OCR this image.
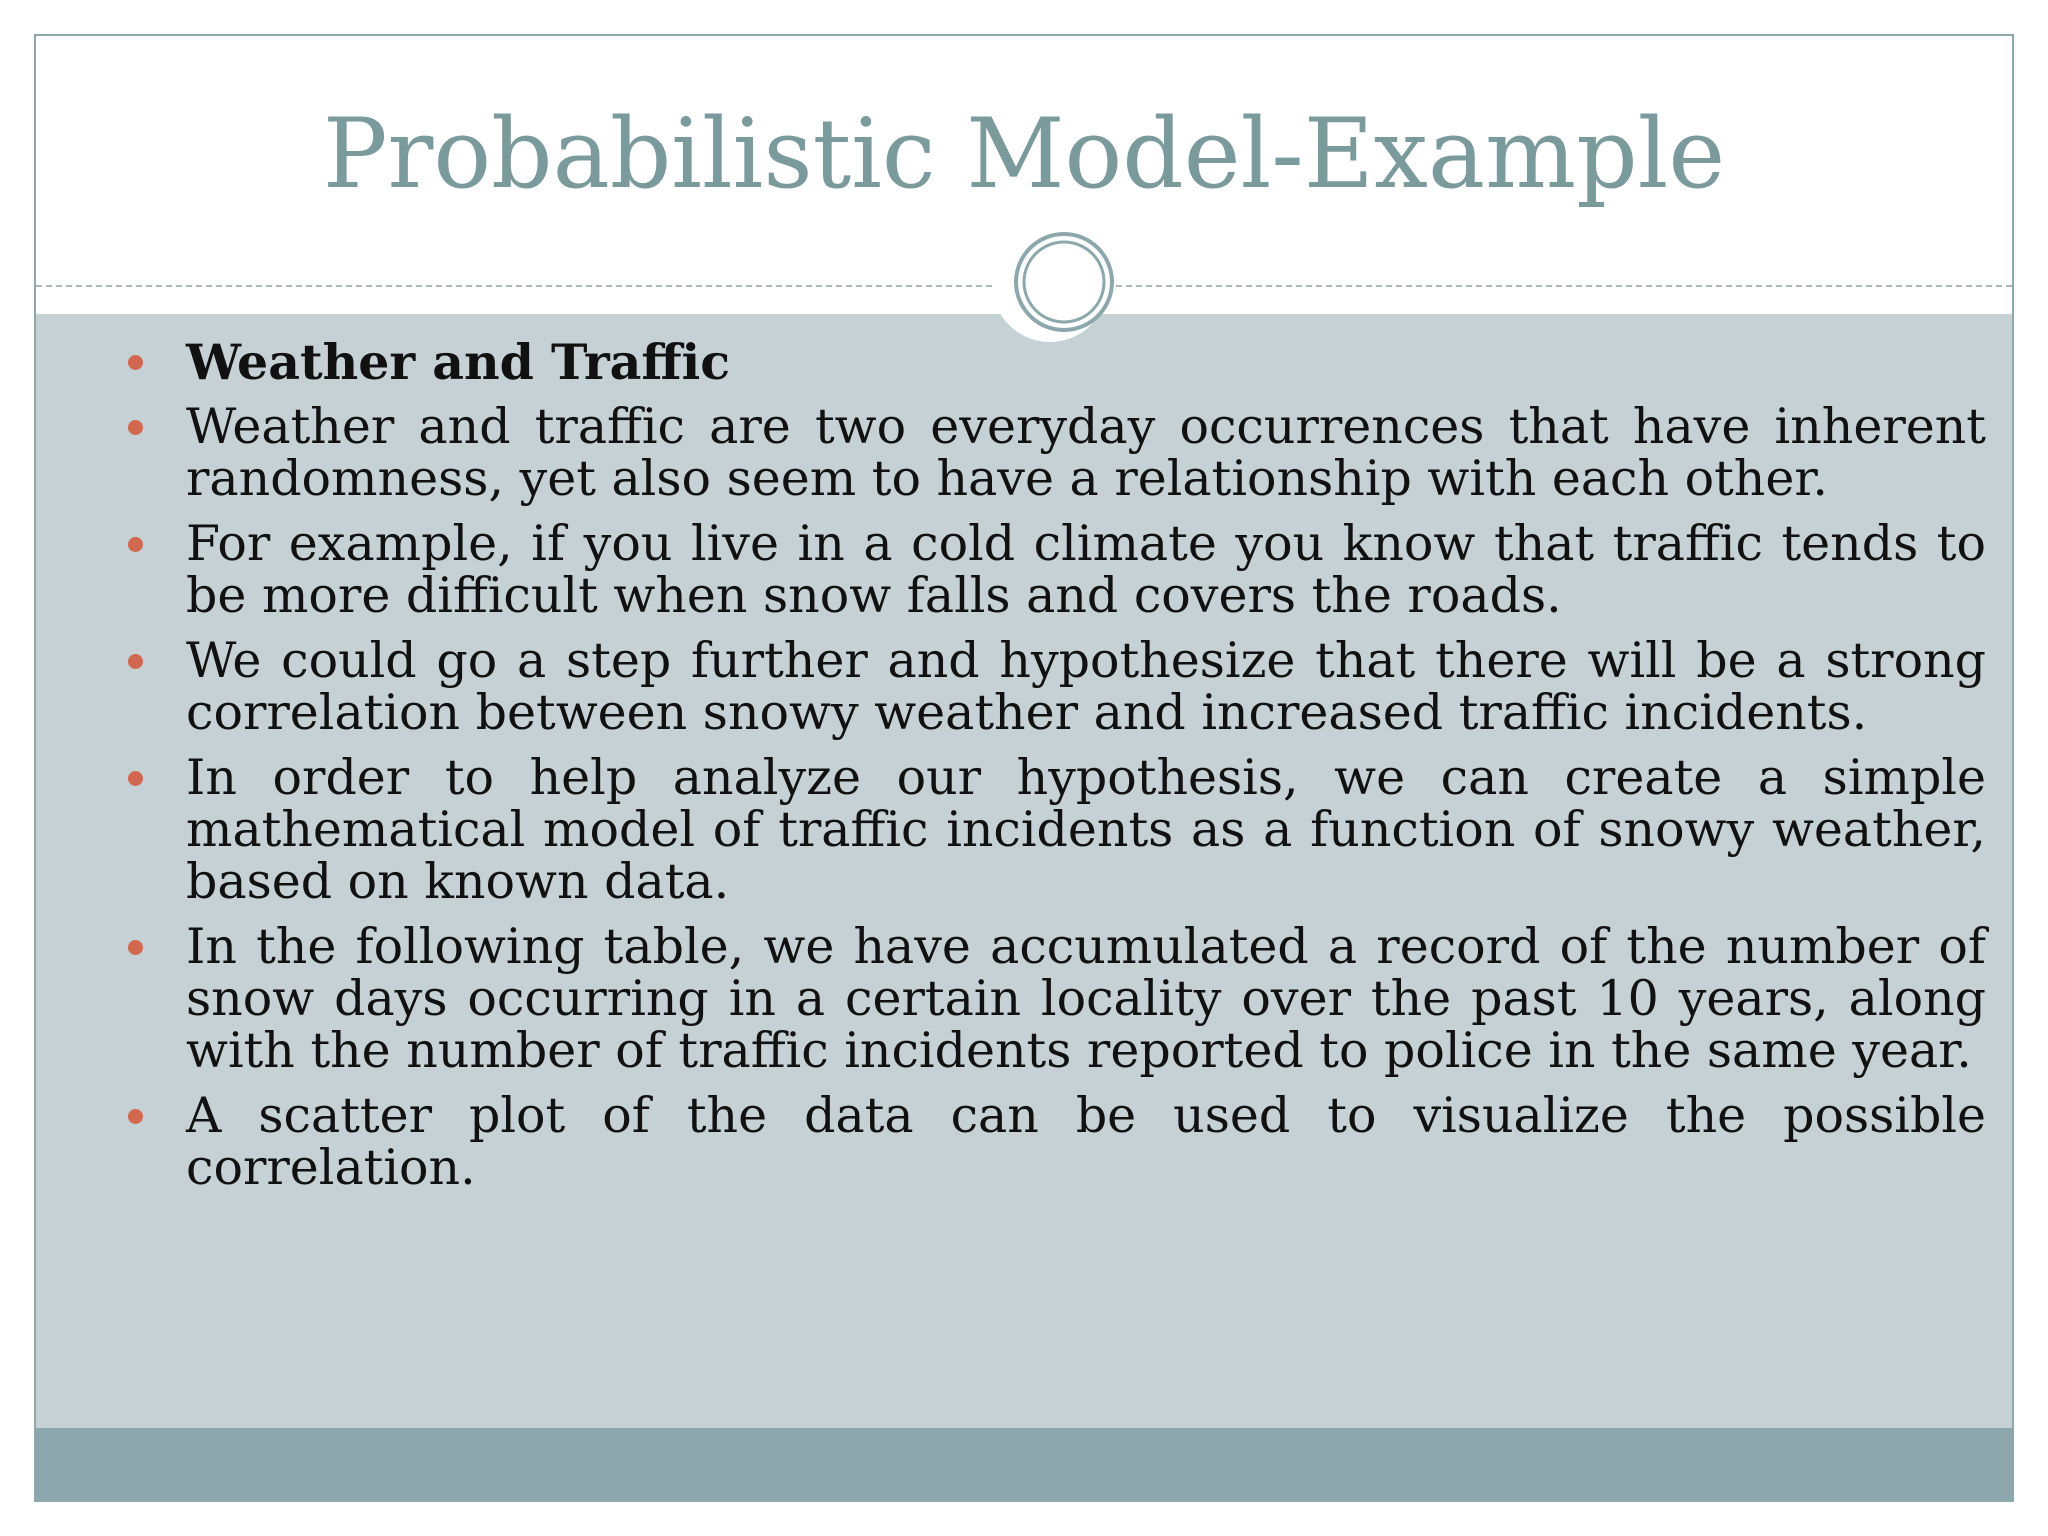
Probabilistic Model-Example
Weather and Traffic
Weather and traffic are two everyday occurrences that have inherent randomness, yet also seem to have a relationship with each other.
For example, if you live in a cold climate you know that traffic tends to be more difficult when snow falls and covers the roads.
We could go a step further and hypothesize that there will be a strong correlation between snowy weather and increased traffic incidents.
In order to help analyze our hypothesis, we can create a simple mathematical model of traffic incidents as a function of snowy weather, based on known data.
In the following table, we have accumulated a record of the number of snow days occurring in a certain locality over the past 10 years, along with the number of traffic incidents reported to police in the same year.
A scatter plot of the data can be used to visualize the possible correlation.
